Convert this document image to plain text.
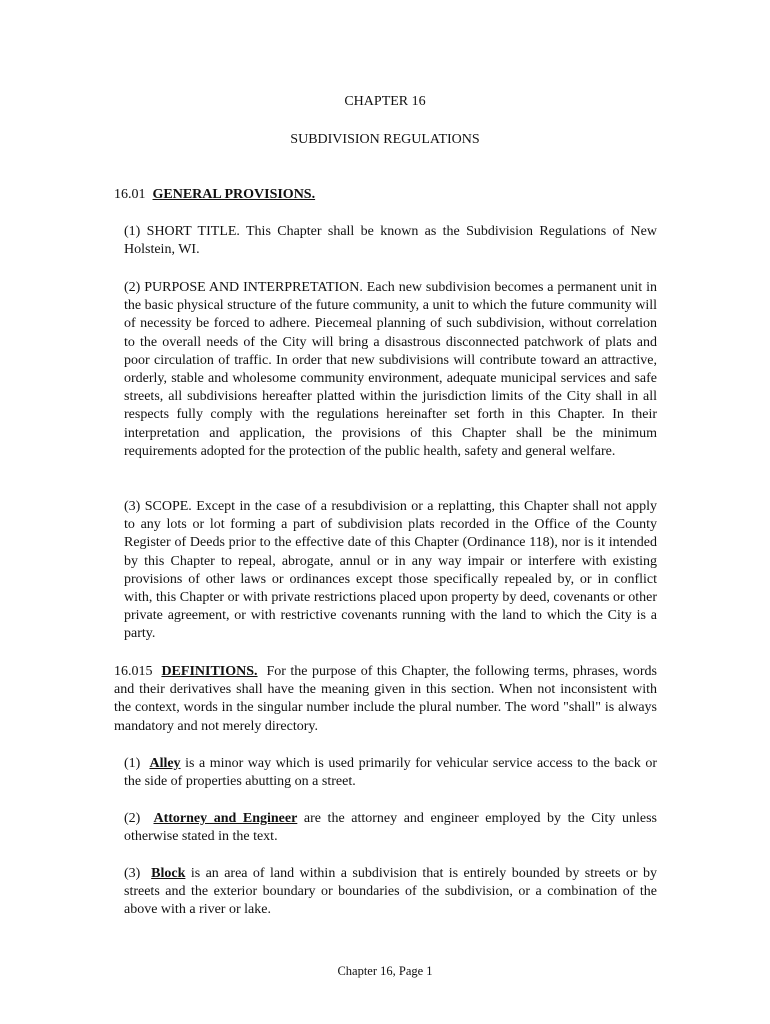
CHAPTER 16
SUBDIVISION REGULATIONS
16.01 GENERAL PROVISIONS.
(1) SHORT TITLE. This Chapter shall be known as the Subdivision Regulations of New Holstein, WI.
(2) PURPOSE AND INTERPRETATION. Each new subdivision becomes a permanent unit in the basic physical structure of the future community, a unit to which the future community will of necessity be forced to adhere. Piecemeal planning of such subdivision, without correlation to the overall needs of the City will bring a disastrous disconnected patchwork of plats and poor circulation of traffic. In order that new subdivisions will contribute toward an attractive, orderly, stable and wholesome community environment, adequate municipal services and safe streets, all subdivisions hereafter platted within the jurisdiction limits of the City shall in all respects fully comply with the regulations hereinafter set forth in this Chapter. In their interpretation and application, the provisions of this Chapter shall be the minimum requirements adopted for the protection of the public health, safety and general welfare.
(3) SCOPE. Except in the case of a resubdivision or a replatting, this Chapter shall not apply to any lots or lot forming a part of subdivision plats recorded in the Office of the County Register of Deeds prior to the effective date of this Chapter (Ordinance 118), nor is it intended by this Chapter to repeal, abrogate, annul or in any way impair or interfere with existing provisions of other laws or ordinances except those specifically repealed by, or in conflict with, this Chapter or with private restrictions placed upon property by deed, covenants or other private agreement, or with restrictive covenants running with the land to which the City is a party.
16.015 DEFINITIONS. For the purpose of this Chapter, the following terms, phrases, words and their derivatives shall have the meaning given in this section. When not inconsistent with the context, words in the singular number include the plural number. The word "shall" is always mandatory and not merely directory.
(1) Alley is a minor way which is used primarily for vehicular service access to the back or the side of properties abutting on a street.
(2) Attorney and Engineer are the attorney and engineer employed by the City unless otherwise stated in the text.
(3) Block is an area of land within a subdivision that is entirely bounded by streets or by streets and the exterior boundary or boundaries of the subdivision, or a combination of the above with a river or lake.
Chapter 16, Page 1
